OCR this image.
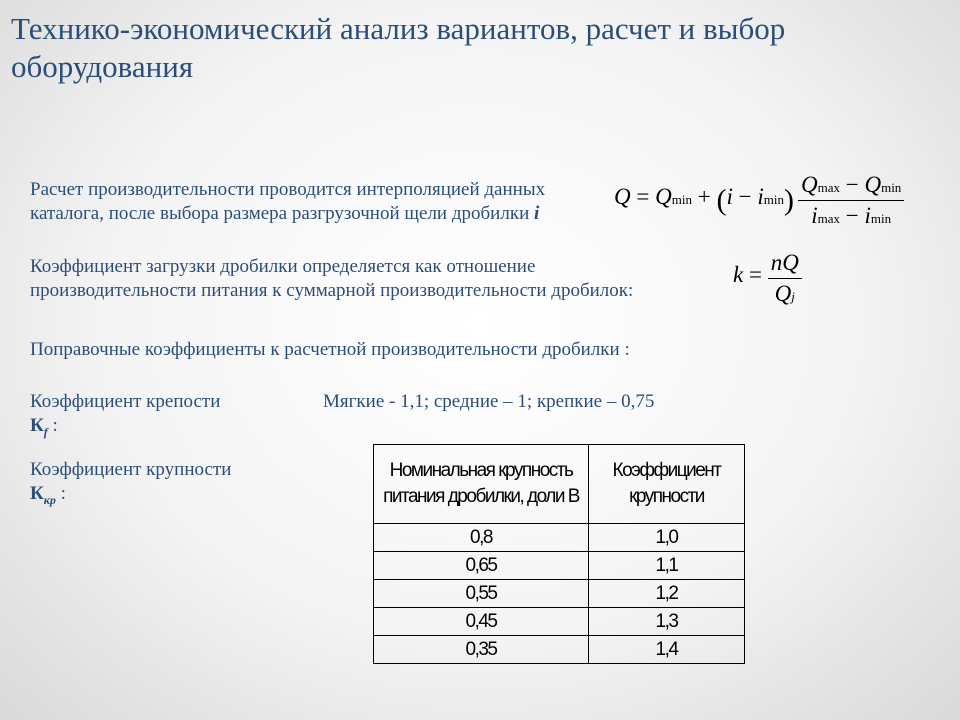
Технико-экономический анализ вариантов, расчет и выбор оборудования

Расчет производительности проводится интерполяцией данных каталога, после выбора размера разгрузочной щели дробилки i

$Q = Qmin + (i - imin) \frac{Qmax - Qmin}{imax - imin}$

Коэффициент загрузки дробилки определяется как отношение производительности питания к суммарной производительности дробилок:

$k = \frac{nQ}{Qj}$

Поправочные коэффициенты к расчетной производительности дробилки :

Коэффициент крепости
$К_f$ :

Мягкие - 1,1; средние – 1; крепкие – 0,75

Коэффициент крупности
$К_{кр}$ :

Номинальная крупность питания дробилки, доли В	Коэффициент крупности
0,8	1,0
0,65	1,1
0,55	1,2
0,45	1,3
0,35	1,4
